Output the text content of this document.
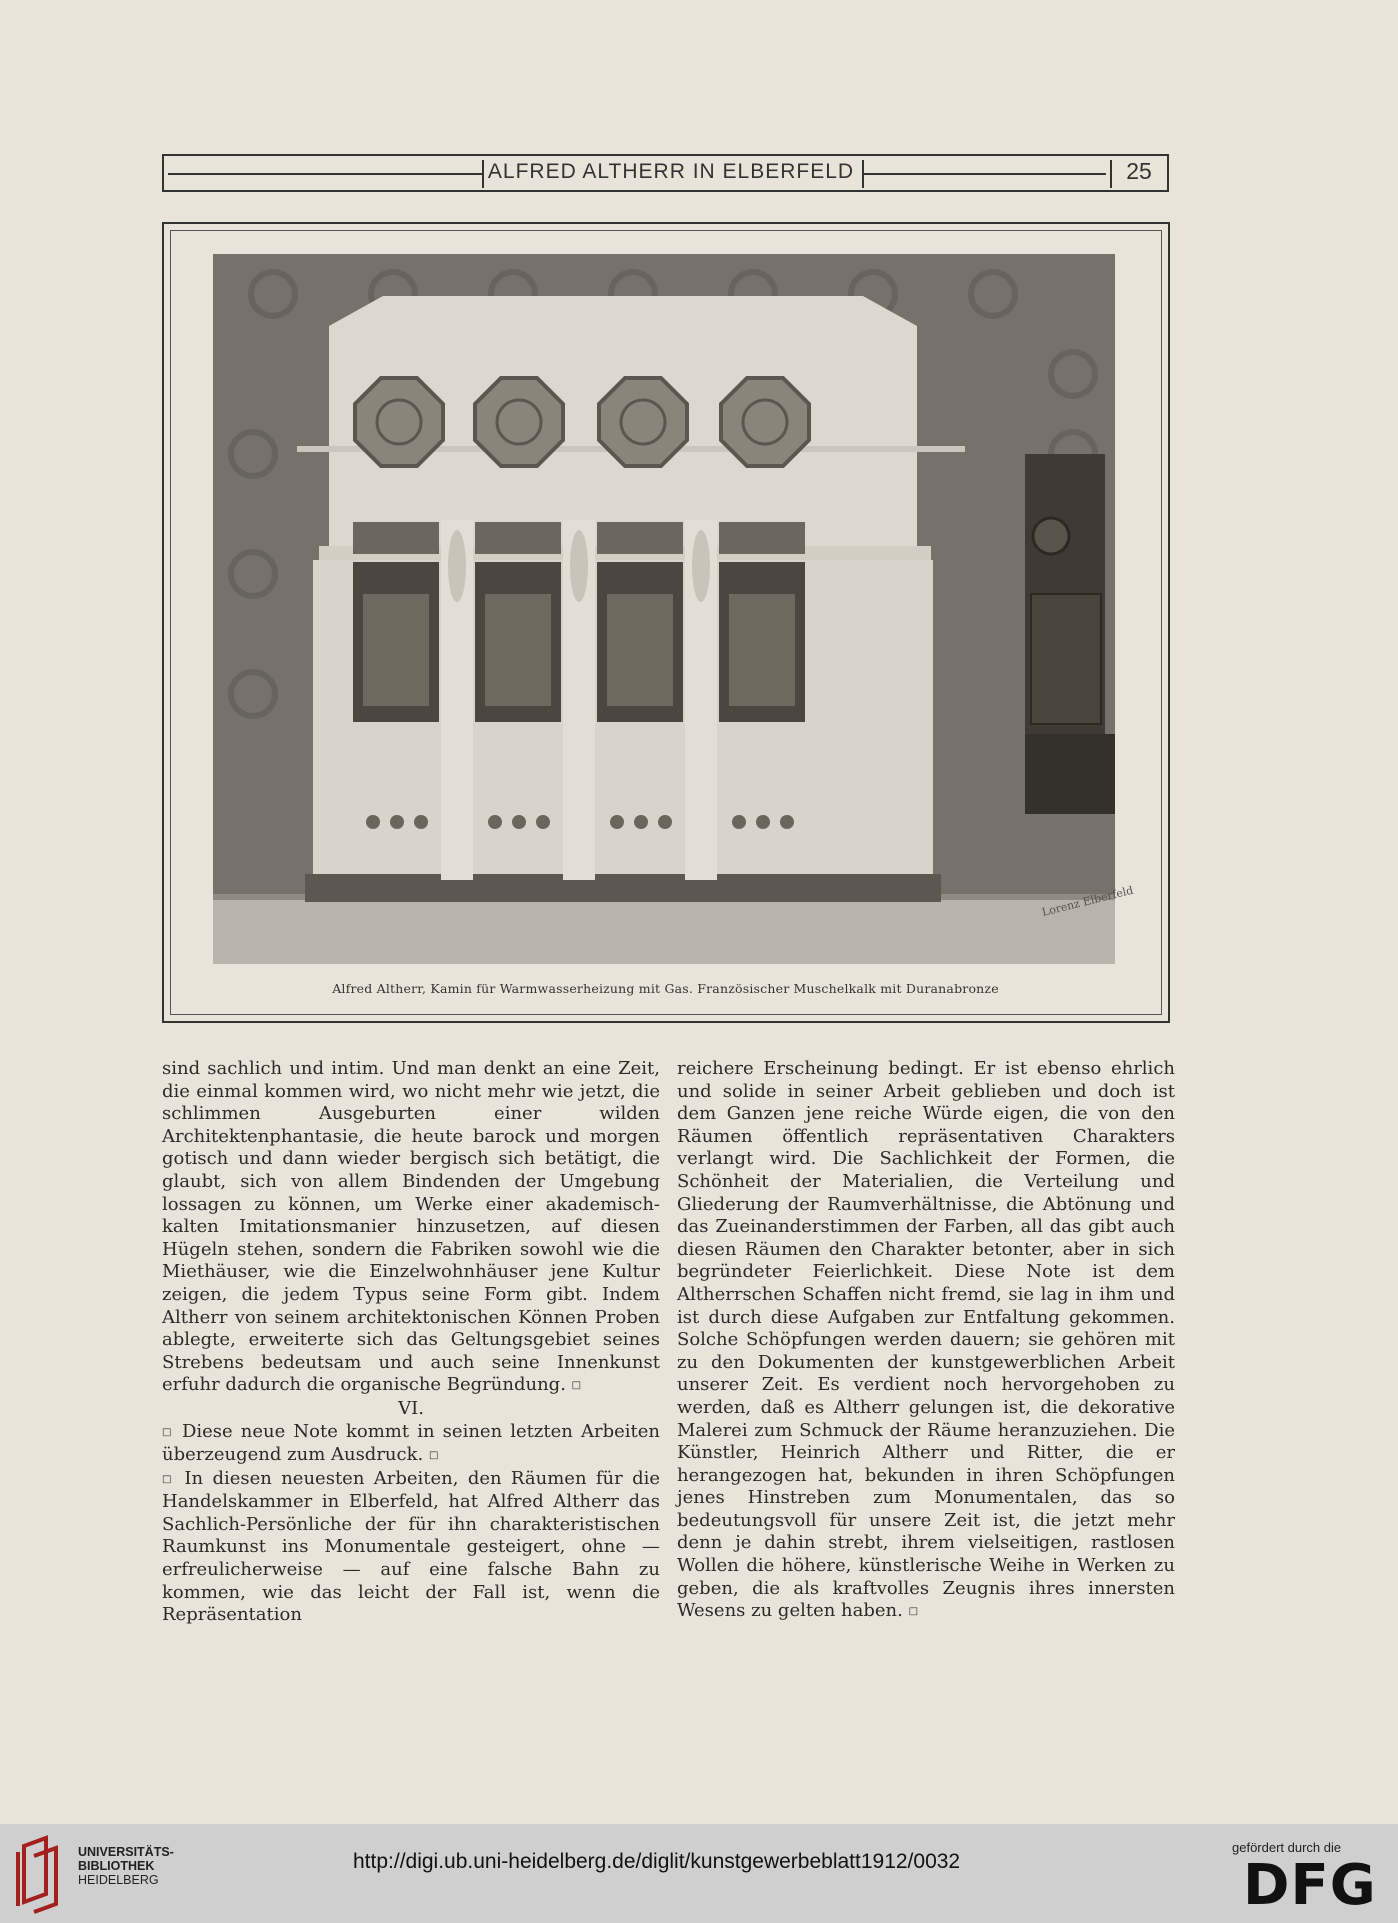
ALFRED ALTHERR IN ELBERFELD	25
Lorenz Elberfeld
Alfred Altherr, Kamin für Warmwasserheizung mit Gas. Französischer Muschelkalk mit Duranabronze

sind sachlich und intim. Und man denkt an eine Zeit, die einmal kommen wird, wo nicht mehr wie jetzt, die schlimmen Ausgeburten einer wilden Architektenphantasie, die heute barock und morgen gotisch und dann wieder bergisch sich betätigt, die glaubt, sich von allem Bindenden der Umgebung lossagen zu können, um Werke einer akademisch-kalten Imitationsmanier hinzusetzen, auf diesen Hügeln stehen, sondern die Fabriken sowohl wie die Miethäuser, wie die Einzelwohnhäuser jene Kultur zeigen, die jedem Typus seine Form gibt. Indem Altherr von seinem architektonischen Können Proben ablegte, erweiterte sich das Geltungsgebiet seines Strebens bedeutsam und auch seine Innenkunst erfuhr dadurch die organische Begründung. □

VI.

□ Diese neue Note kommt in seinen letzten Arbeiten überzeugend zum Ausdruck. □

□ In diesen neuesten Arbeiten, den Räumen für die Handelskammer in Elberfeld, hat Alfred Altherr das Sachlich-Persönliche der für ihn charakteristischen Raumkunst ins Monumentale gesteigert, ohne — erfreulicherweise — auf eine falsche Bahn zu kommen, wie das leicht der Fall ist, wenn die Repräsentation

reichere Erscheinung bedingt. Er ist ebenso ehrlich und solide in seiner Arbeit geblieben und doch ist dem Ganzen jene reiche Würde eigen, die von den Räumen öffentlich repräsentativen Charakters verlangt wird. Die Sachlichkeit der Formen, die Schönheit der Materialien, die Verteilung und Gliederung der Raumverhältnisse, die Abtönung und das Zueinanderstimmen der Farben, all das gibt auch diesen Räumen den Charakter betonter, aber in sich begründeter Feierlichkeit. Diese Note ist dem Altherrschen Schaffen nicht fremd, sie lag in ihm und ist durch diese Aufgaben zur Entfaltung gekommen. Solche Schöpfungen werden dauern; sie gehören mit zu den Dokumenten der kunstgewerblichen Arbeit unserer Zeit. Es verdient noch hervorgehoben zu werden, daß es Altherr gelungen ist, die dekorative Malerei zum Schmuck der Räume heranzuziehen. Die Künstler, Heinrich Altherr und Ritter, die er herangezogen hat, bekunden in ihren Schöpfungen jenes Hinstreben zum Monumentalen, das so bedeutungsvoll für unsere Zeit ist, die jetzt mehr denn je dahin strebt, ihrem vielseitigen, rastlosen Wollen die höhere, künstlerische Weihe in Werken zu geben, die als kraftvolles Zeugnis ihres innersten Wesens zu gelten haben. □

UNIVERSITÄTS-
BIBLIOTHEK
HEIDELBERG
http://digi.ub.uni-heidelberg.de/diglit/kunstgewerbeblatt1912/0032
gefördert durch die
DFG
